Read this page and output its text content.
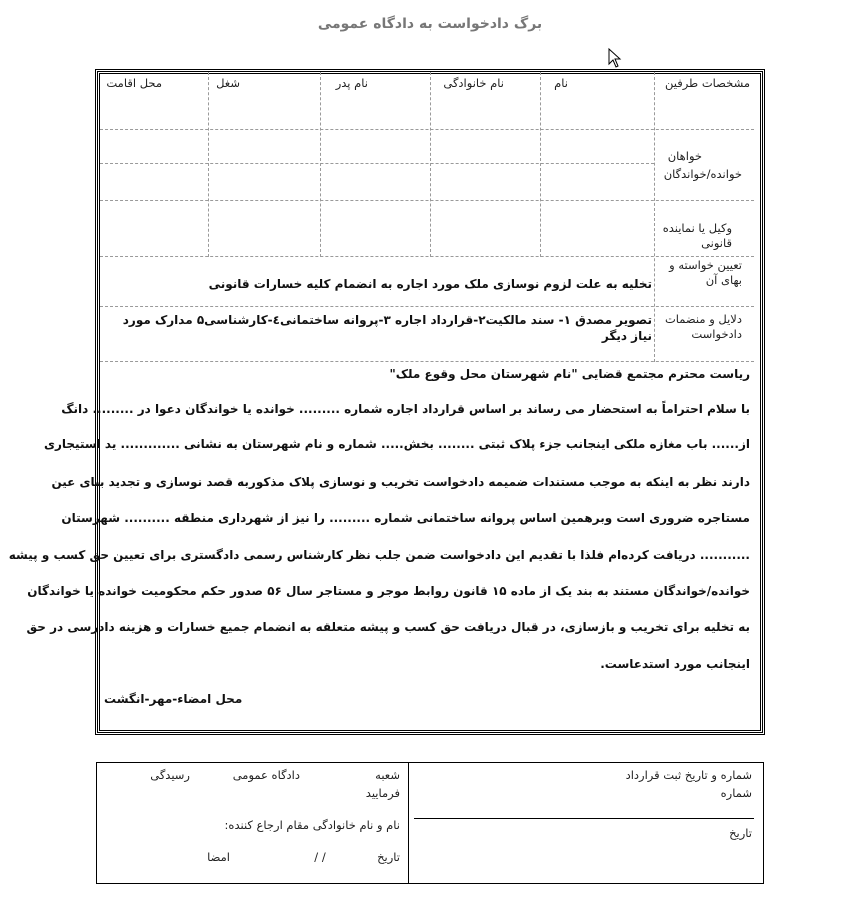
برگ دادخواست به دادگاه عمومی
مشخصات طرفین
نام
نام خانوادگی
نام پدر
شغل
محل اقامت
خواهان
خوانده/خواندگان
وکیل یا نماینده قانونی
تعیین خواسته و بهای آن
تخلیه به علت لزوم نوسازی ملک مورد اجاره به انضمام کلیه خسارات قانونی
دلایل و منضمات دادخواست
تصویر مصدق ۱- سند مالکیت۲-قرارداد اجاره ۳-پروانه ساختمانی٤-کارشناسی۵ مدارک مورد نیاز دیگر
ریاست محترم مجتمع قضایی "نام شهرستان محل وقوع ملک"
با سلام احتراماً به استحضار می رساند بر اساس قرارداد اجاره شماره ......... خوانده یا خواندگان دعوا در ......... دانگ
از...... باب مغازه ملکی اینجانب جزء پلاک ثبتی ........ بخش..... شماره و نام شهرستان به نشانی ............. ید استیجاری
دارند نظر به اینکه به موجب مستندات ضمیمه دادخواست تخریب و نوسازی پلاک مذکوربه قصد نوسازی و تجدید بنای عین
مستاجره ضروری است وبرهمین اساس پروانه ساختمانی شماره ......... را نیز از شهرداری منطقه .......... شهرستان
........... دریافت کرده‌ام فلذا با تقدیم این دادخواست ضمن جلب نظر کارشناس رسمی دادگستری برای تعیین حق کسب و پیشه
خوانده/خواندگان مستند به بند یک از ماده ۱۵ قانون روابط موجر و مستاجر سال ۵۶ صدور حکم محکومیت خوانده یا خواندگان
به تخلیه برای تخریب و بازسازی، در قبال دریافت حق کسب و پیشه متعلقه به انضمام جمیع خسارات و هزینه دادرسی در حق
اینجانب مورد استدعاست.
محل امضاء-مهر-انگشت
شماره و تاریخ ثبت قرارداد
شماره
تاریخ
شعبه
دادگاه عمومی
رسیدگی
فرمایید
نام و نام خانوادگی مقام ارجاع کننده:
تاریخ
/ /
امضا
